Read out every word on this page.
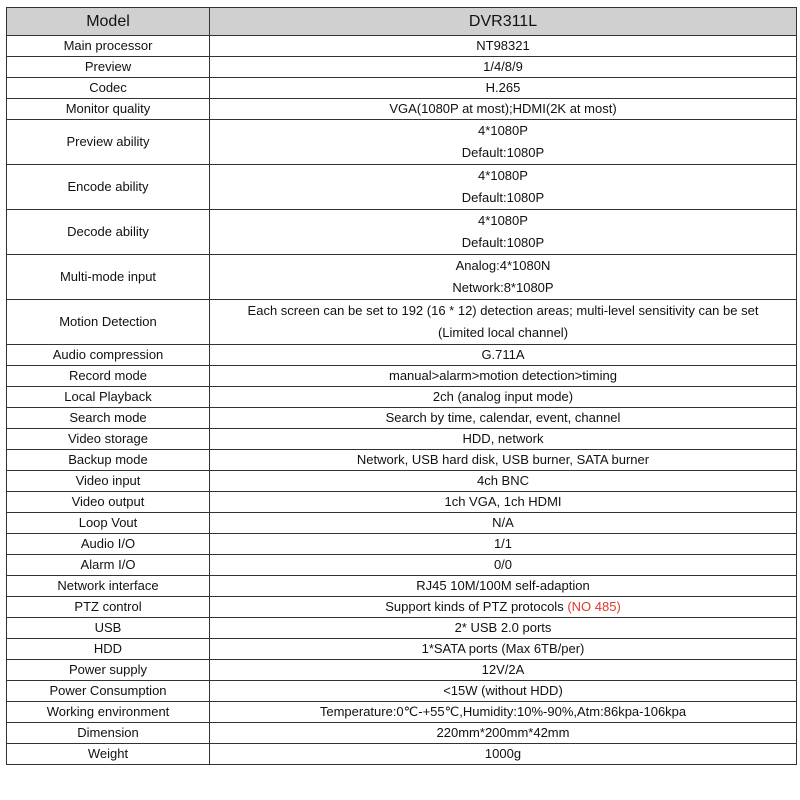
Model	DVR311L
Main processor	NT98321
Preview	1/4/8/9
Codec	H.265
Monitor quality	VGA(1080P at most);HDMI(2K at most)
Preview ability	4*1080P
Default:1080P

Encode ability	4*1080P
Default:1080P

Decode ability	4*1080P
Default:1080P

Multi-mode input	Analog:4*1080N
Network:8*1080P

Motion Detection	Each screen can be set to 192 (16 * 12) detection areas; multi-level sensitivity can be set
(Limited local channel)

Audio compression	G.711A
Record mode	manual>alarm>motion detection>timing
Local Playback	2ch (analog input mode)
Search mode	Search by time, calendar, event, channel
Video storage	HDD, network
Backup mode	Network, USB hard disk, USB burner, SATA burner
Video input	4ch BNC
Video output	1ch VGA, 1ch HDMI
Loop Vout	N/A
Audio I/O	1/1
Alarm I/O	0/0
Network interface	RJ45 10M/100M self-adaption
PTZ control	Support kinds of PTZ protocols (NO 485)
USB	2* USB 2.0 ports
HDD	1*SATA ports (Max 6TB/per)
Power supply	12V/2A
Power Consumption	<15W (without HDD)
Working environment	Temperature:0℃-+55℃,Humidity:10%-90%,Atm:86kpa-106kpa
Dimension	220mm*200mm*42mm
Weight	1000g
